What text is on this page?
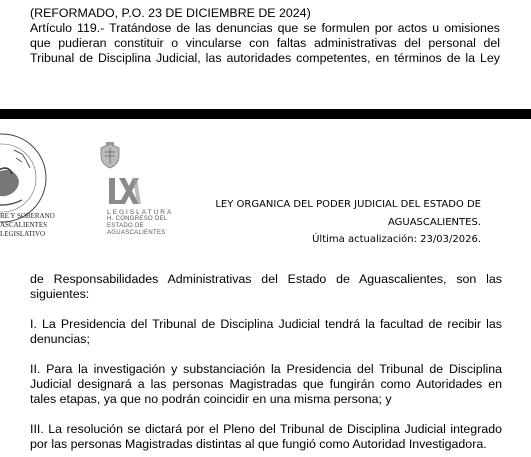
(REFORMADO, P.O. 23 DE DICIEMBRE DE 2024)
Artículo 119.- Tratándose de las denuncias que se formulen por actos u omisiones
que pudieran constituir o vincularse con faltas administrativas del personal del
Tribunal de Disciplina Judicial, las autoridades competentes, en términos de la Ley
RE Y SOBERANO
ASCALIENTES
LEGISLATIVO
LEGISLATURA
H. CONGRESO DEL
ESTADO DE
AGUASCALIENTES
LEY ORGANICA DEL PODER JUDICIAL DEL ESTADO DE
AGUASCALIENTES.
Última actualización: 23/03/2026.
de Responsabilidades Administrativas del Estado de Aguascalientes, son las
siguientes:
I. La Presidencia del Tribunal de Disciplina Judicial tendrá la facultad de recibir las
denuncias;
II. Para la investigación y substanciación la Presidencia del Tribunal de Disciplina
Judicial designará a las personas Magistradas que fungirán como Autoridades en
tales etapas, ya que no podrán coincidir en una misma persona; y
III. La resolución se dictará por el Pleno del Tribunal de Disciplina Judicial integrado
por las personas Magistradas distintas al que fungió como Autoridad Investigadora.
